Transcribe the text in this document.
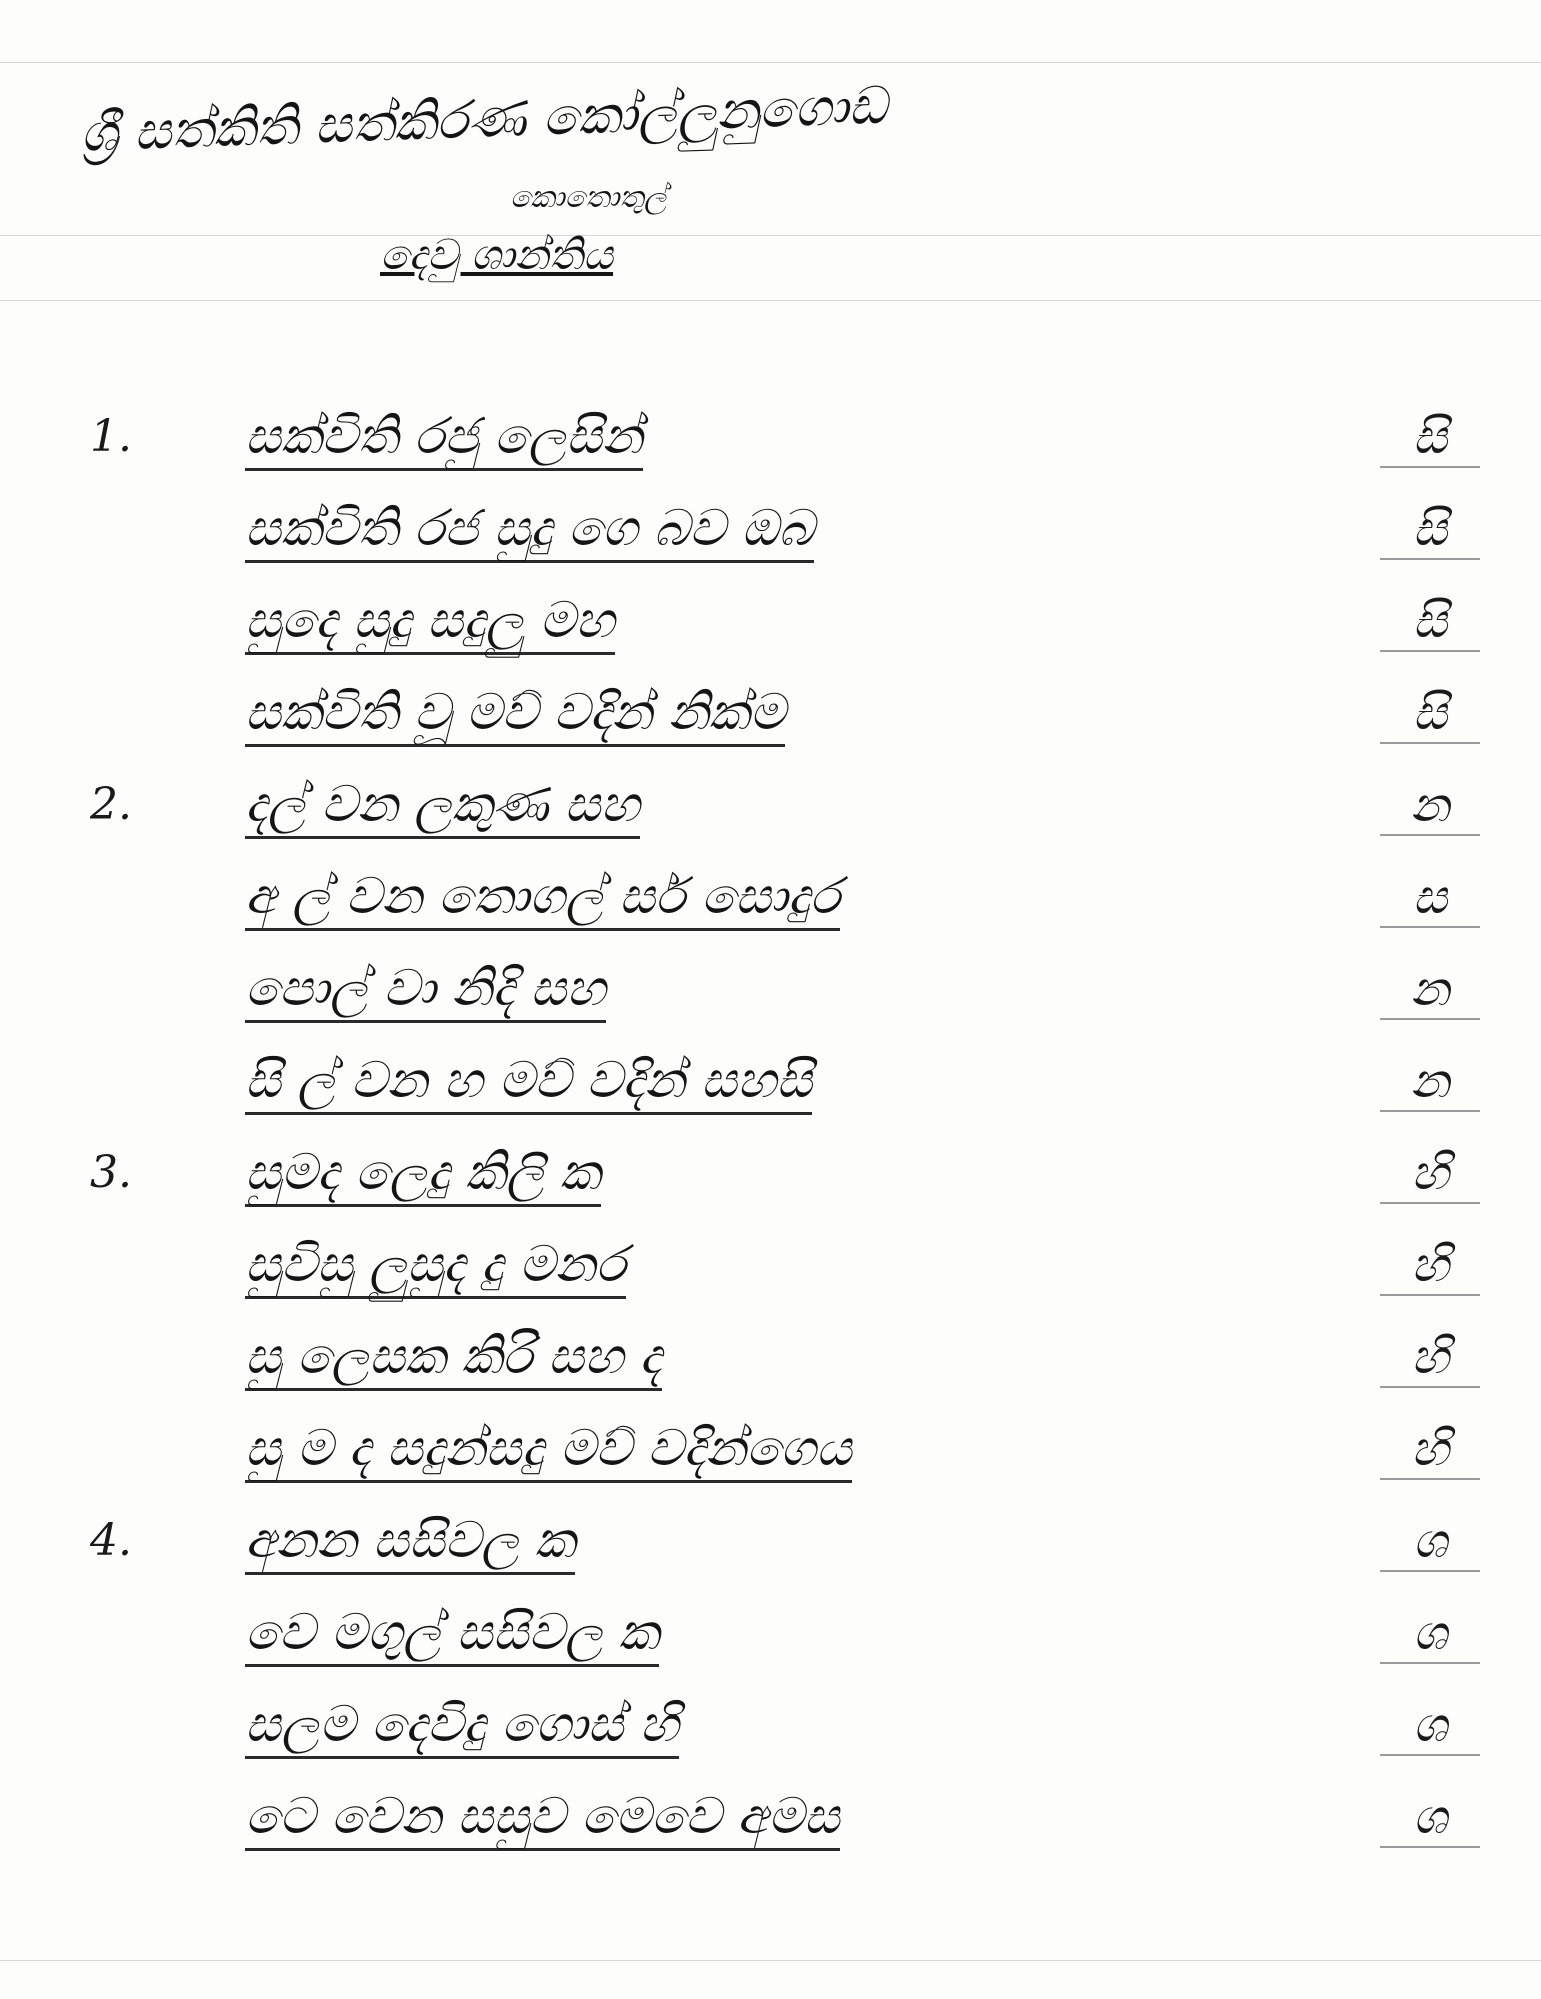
ශ්‍රී සත්කිති සත්කිරණ කෝල්ලුනුගොඩ
කොතොතුල්
දෙවු ශාන්තිය
1. සක්විති රජු ලෙසින්	සි
සක්විති රජ සුදු ගෙ බව ඔබ	සි
සුදෙ සුදු සදුලු මහ	සි
සක්විති වූ මව් වදින් නික්ම	සි
2. දල් වන ලකුණ සහ	න
අ ල් වන තොගල් සර් සොදුර	ස
පොල් වා නිදි සහ	න
සි ල් වන හ මව් වදින් සහසි	න
3. සුමද ලෙදු කිලි ක	හි
සුවිසු ලුසුද දු මනර	හි
සු ලෙසක කිරි සහ ද	හි
සු ම ද සදුන්සදු මව් වදින්ගෙය	හි
4. අනන සසිවල ක	ශ
වෙ මගුල් සසිවල ක	ශ
සලම දෙවිදු ගොස් හි	ශ
ටෙ වෙන සසුව මෙවෙ අමස	ශ
